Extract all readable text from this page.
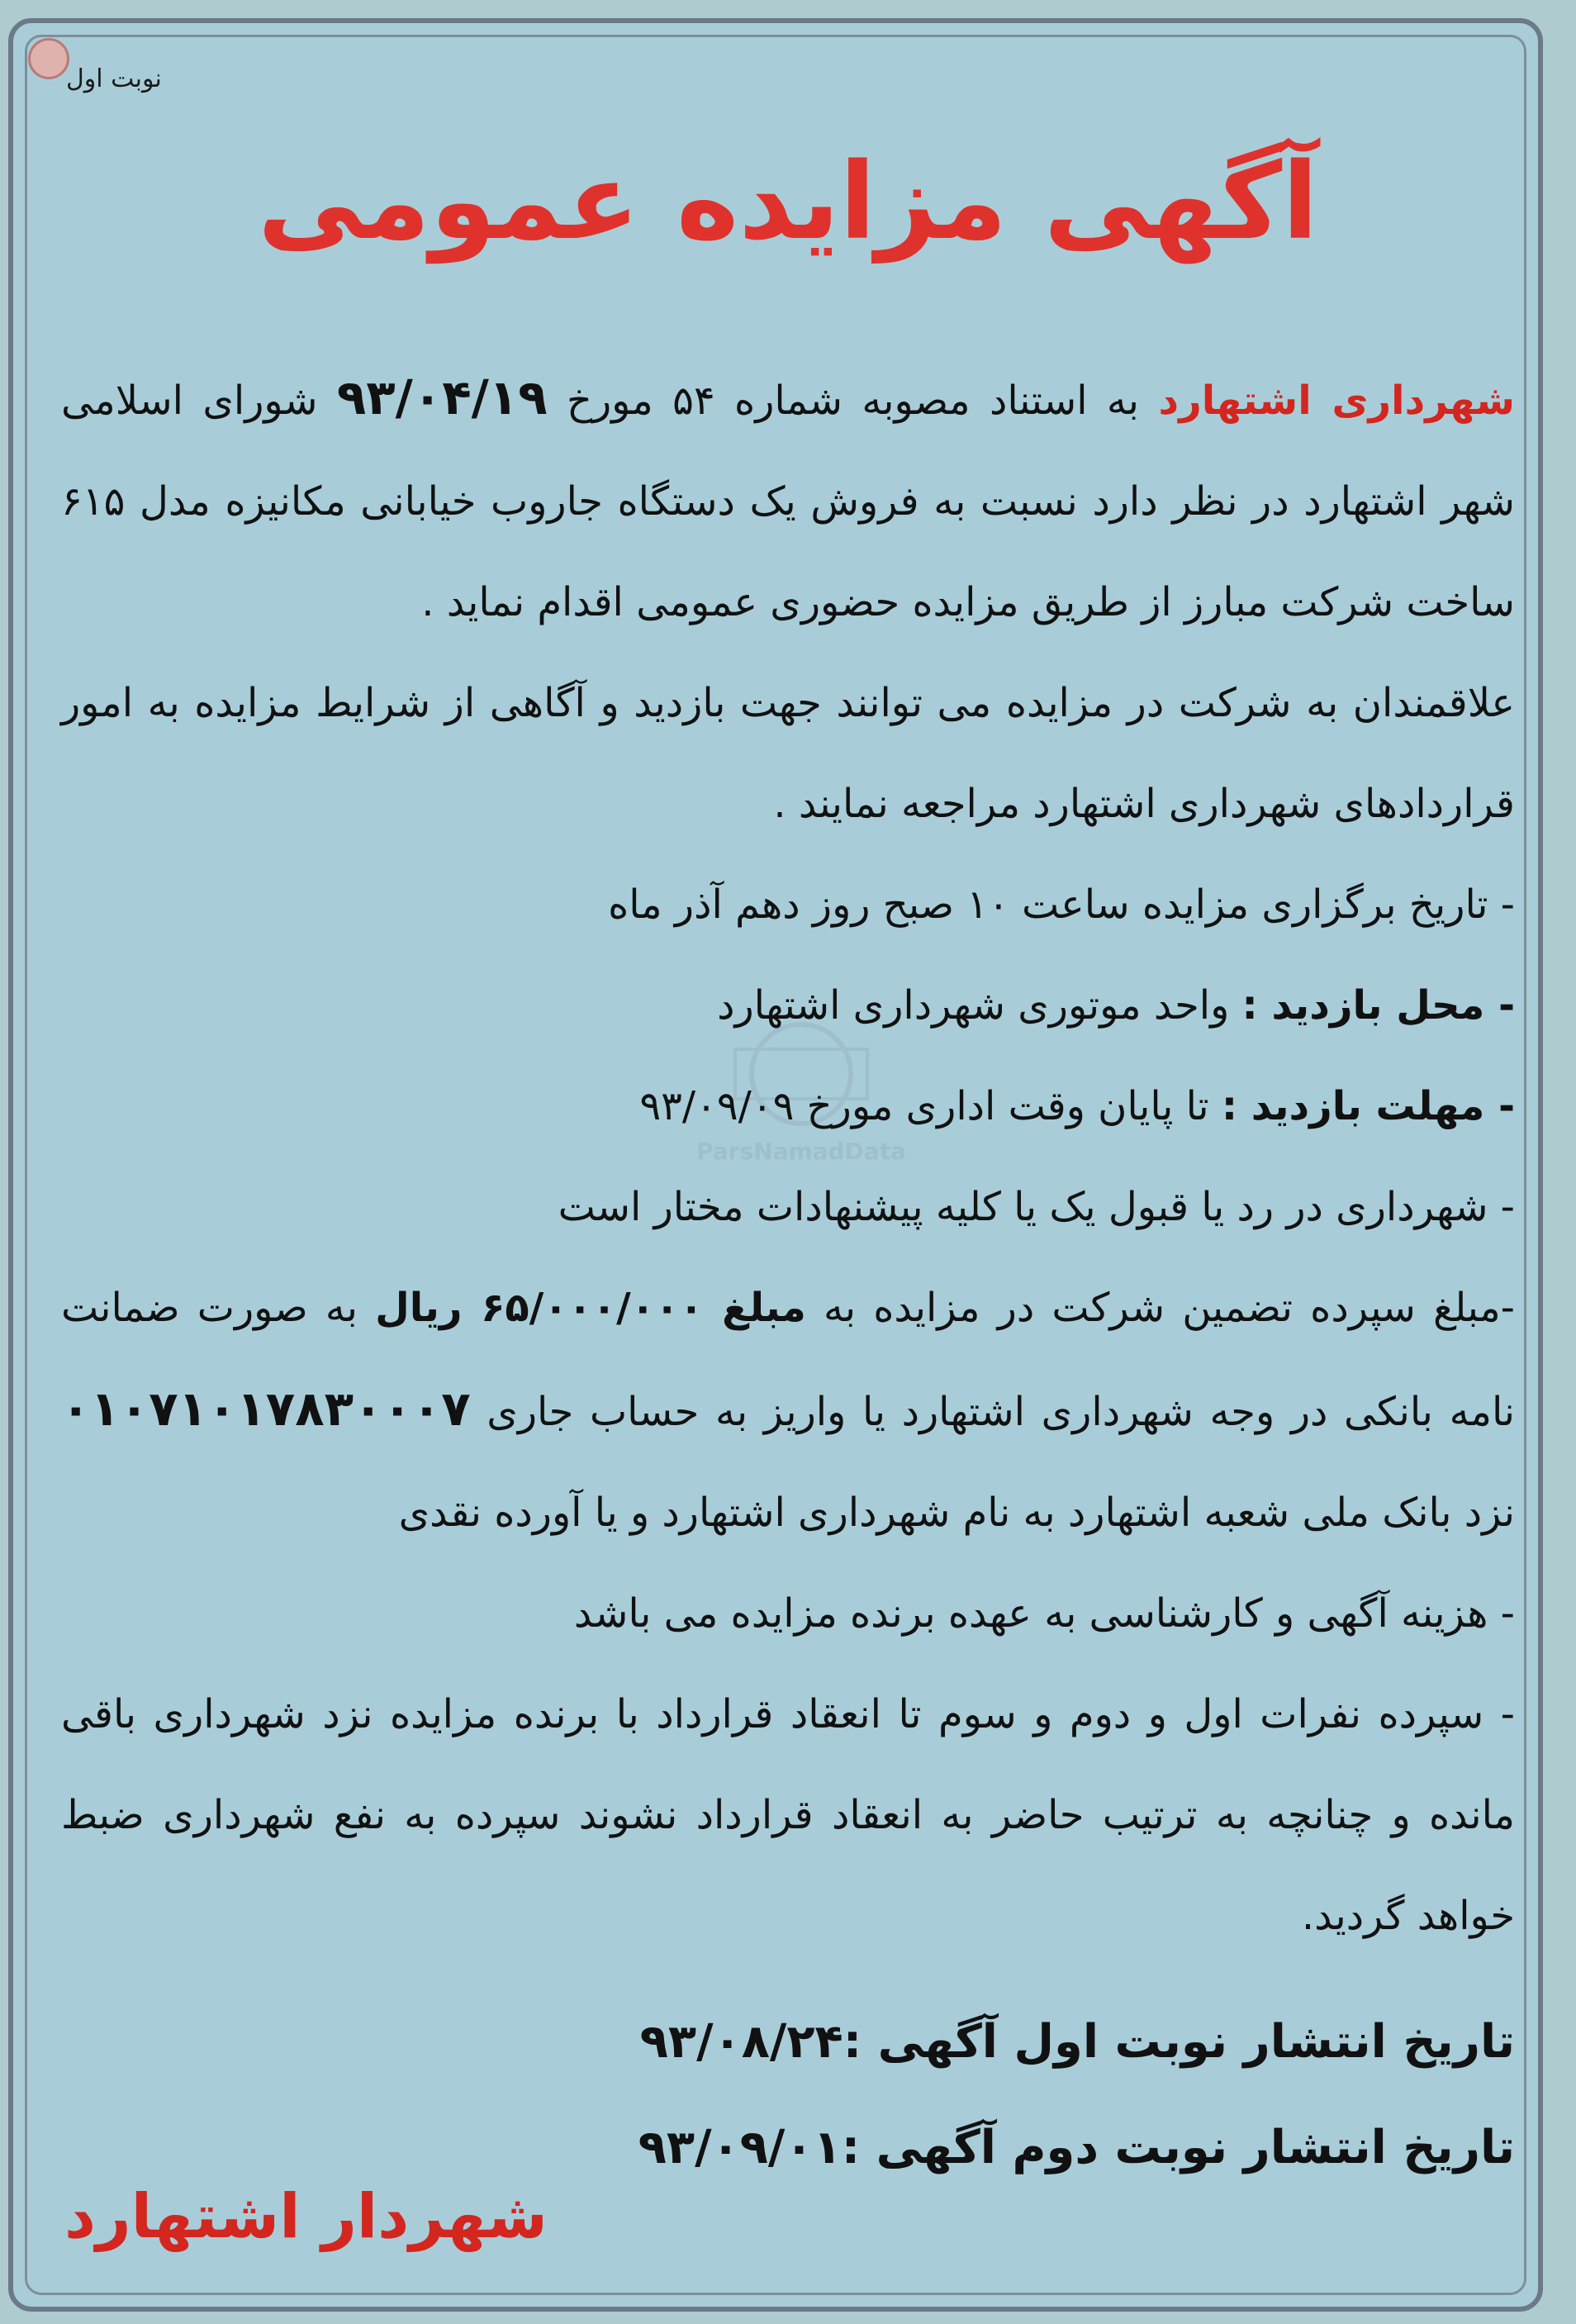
نوبت اول
آگهی مزایده عمومی
ParsNamadData

شهرداری اشتهارد به استناد مصوبه شماره ۵۴ مورخ ۹۳/۰۴/۱۹ شورای اسلامی شهر اشتهارد در نظر دارد نسبت به فروش یک دستگاه جاروب خیابانی مکانیزه مدل ۶۱۵ ساخت شرکت مبارز از طریق مزایده حضوری عمومی اقدام نماید .

علاقمندان به شرکت در مزایده می توانند جهت بازدید و آگاهی از شرایط مزایده به امور قراردادهای شهرداری اشتهارد مراجعه نمایند .

- تاریخ برگزاری مزایده ساعت ۱۰ صبح روز دهم آذر ماه

- محل بازدید : واحد موتوری شهرداری اشتهارد

- مهلت بازدید : تا پایان وقت اداری مورخ ۹۳/۰۹/۰۹

- شهرداری در رد یا قبول یک یا کلیه پیشنهادات مختار است

-مبلغ سپرده تضمین شرکت در مزایده به مبلغ ۶۵/۰۰۰/۰۰۰ ریال به صورت ضمانت نامه بانکی در وجه شهرداری اشتهارد یا واریز به حساب جاری ۰۱۰۷۱۰۱۷۸۳۰۰۰۷ نزد بانک ملی شعبه اشتهارد به نام شهرداری اشتهارد و یا آورده نقدی

- هزینه آگهی و کارشناسی به عهده برنده مزایده می باشد

- سپرده نفرات اول و دوم و سوم تا انعقاد قرارداد با برنده مزایده نزد شهرداری باقی مانده و چنانچه به ترتیب حاضر به انعقاد قرارداد نشوند سپرده به نفع شهرداری ضبط خواهد گردید.

تاریخ انتشار نوبت اول آگهی :۹۳/۰۸/۲۴
تاریخ انتشار نوبت دوم آگهی :۹۳/۰۹/۰۱
شهردار اشتهارد
